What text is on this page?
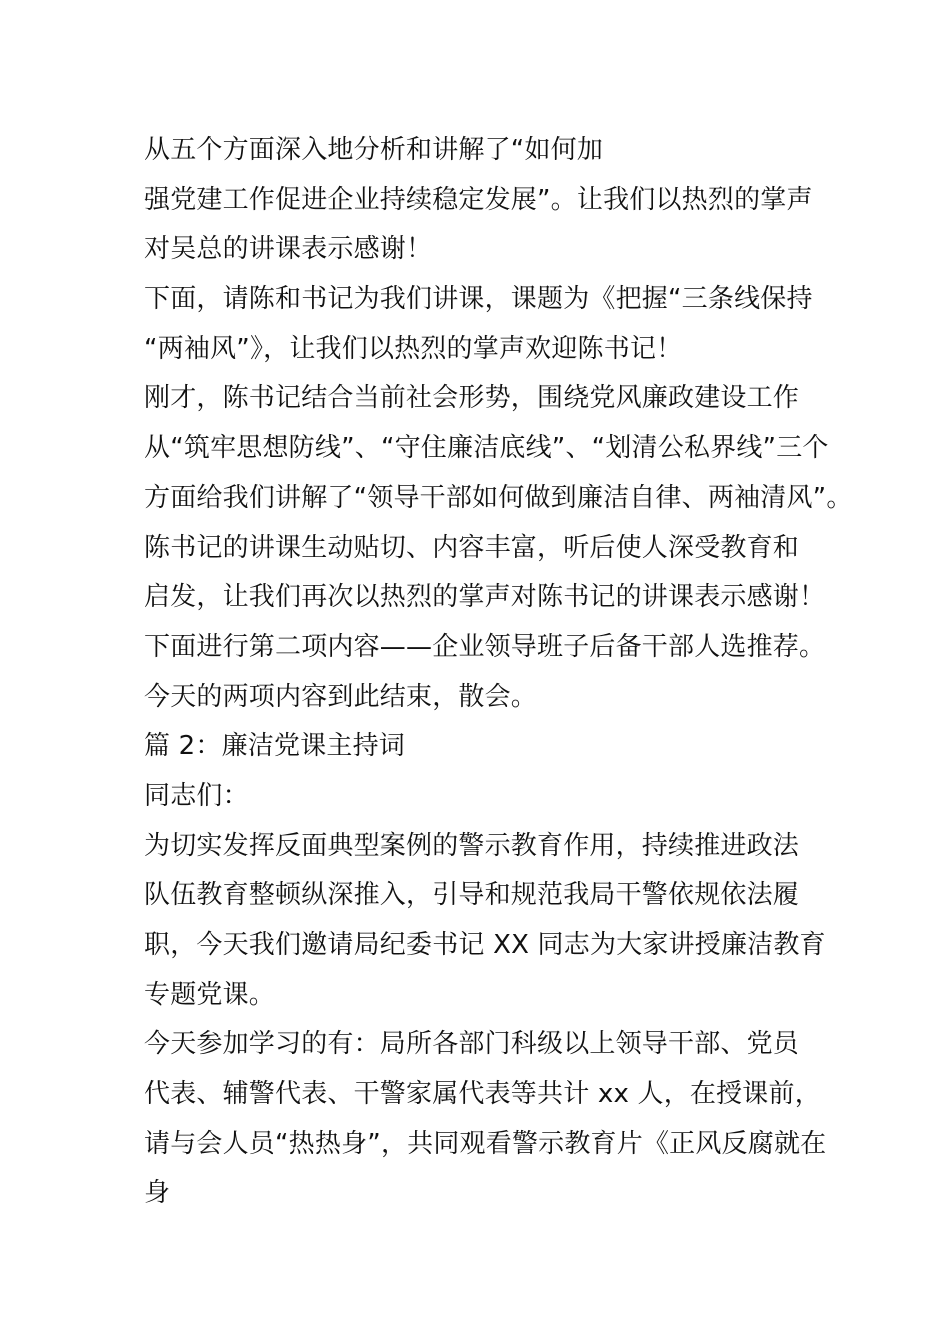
从五个方面深入地分析和讲解了“如何加
强党建工作促进企业持续稳定发展”。让我们以热烈的掌声
对吴总的讲课表示感谢！
下面，请陈和书记为我们讲课，课题为《把握“三条线保持
“两袖风”》，让我们以热烈的掌声欢迎陈书记！
刚才，陈书记结合当前社会形势，围绕党风廉政建设工作
从“筑牢思想防线”、“守住廉洁底线”、“划清公私界线”三个
方面给我们讲解了“领导干部如何做到廉洁自律、两袖清风”。
陈书记的讲课生动贴切、内容丰富，听后使人深受教育和
启发，让我们再次以热烈的掌声对陈书记的讲课表示感谢！
下面进行第二项内容——企业领导班子后备干部人选推荐。
今天的两项内容到此结束，散会。
篇 2：廉洁党课主持词
同志们：
为切实发挥反面典型案例的警示教育作用，持续推进政法
队伍教育整顿纵深推入，引导和规范我局干警依规依法履
职，今天我们邀请局纪委书记 XX 同志为大家讲授廉洁教育
专题党课。
今天参加学习的有：局所各部门科级以上领导干部、党员
代表、辅警代表、干警家属代表等共计 xx 人，在授课前，
请与会人员“热热身”，共同观看警示教育片《正风反腐就在
身
